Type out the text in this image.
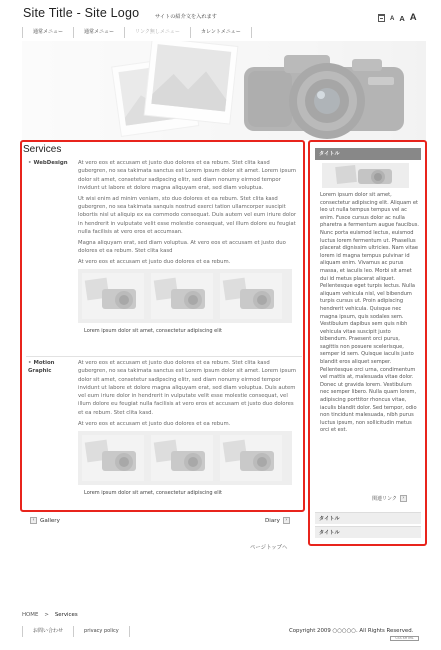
Site Title - Site Logo	サイトの紹介文を入れます	A A A
通常メニュー	通常メニュー	リンク無しメニュー	カレントメニュー
Services
• WebDesign At vero eos et accusam et justo duo dolores et ea rebum. Stet clita kasd gubergren, no sea takimata sanctus est Lorem ipsum dolor sit amet. Lorem ipsum dolor sit amet, consetetur sadipscing elitr, sed diam nonumy eirmod tempor invidunt ut labore et dolore magna aliquyam erat, sed diam voluptua.

Ut wisi enim ad minim veniam, sto duo dolores et ea rebum. Stet clita kasd gubergren, no sea takimata sanquis nostrud exerci tation ullamcorper suscipit lobortis nisl ut aliquip ex ea commodo consequat. Duis autem vel eum iriure dolor in hendrerit in vulputate velit esse molestie consequat, vel illum dolore eu feugiat nulla facilisis at vero eros et accumsan.

Magna aliquyam erat, sed diam voluptua. At vero eos et accusam et justo duo dolores et ea rebum. Stet clita kasd

At vero eos et accusam et justo duo dolores et ea rebum.

Lorem ipsum dolor sit amet, consectetur adipiscing elit
• Motion Graphic

At vero eos et accusam et justo duo dolores et ea rebum. Stet clita kasd gubergren, no sea takimata sanctus est Lorem ipsum dolor sit amet. Lorem ipsum dolor sit amet, consetetur sadipscing elitr, sed diam nonumy eirmod tempor invidunt ut labore et dolore magna aliquyam erat, sed diam voluptua. Duis autem vel eum iriure dolor in hendrerit in vulputate velit esse molestie consequat, vel illum dolore eu feugiat nulla facilisis at vero eros et accusam et justo duo dolores et ea rebum. Stet clita kasd.

At vero eos et accusam et justo duo dolores et ea rebum.

Lorem ipsum dolor sit amet, consectetur adipiscing elit
タイトル
Lorem ipsum dolor sit amet, consectetur adipiscing elit. Aliquam et leo ut nulla tempus tempus vel ac enim. Fusce cursus dolor ac nulla pharetra a fermentum augue faucibus. Nunc porta euismod lectus, euismod luctus lorem fermentum ut. Phasellus placerat dignissim ultricies. Nam vitae lorem id magna tempus pulvinar id aliquam enim. Vivamus ac purus massa, et iaculis leo. Morbi sit amet dui id metus placerat aliquet. Pellentesque eget turpis lectus. Nulla aliquam vehicula nisl, vel bibendum turpis cursus ut. Proin adipiscing hendrerit vehicula. Quisque nec magna ipsum, quis sodales sem. Vestibulum dapibus sem quis nibh vehicula vitae suscipit justo bibendum. Praesent orci purus, sagittis non posuere scelerisque, semper id sem. Quisque iaculis justo blandit eros aliquet semper. Pellentesque orci urna, condimentum vel mattis at, malesuada vitae dolor. Donec ut gravida lorem. Vestibulum nec semper libero. Nulla quam lorem, adipiscing porttitor rhoncus vitae, iaculis blandit dolor. Sed tempor, odio non tincidunt malesuada, nibh purus luctus ipsum, non sollicitudin metus orci et est.
関連リンク	›
タイトル
タイトル
‹ Gallery	Diary	›
ページトップへ
HOME > Services
お問い合わせ	privacy policy	Copyright 2009 ○○○○○. All Rights Reserved.
CSS XHTML
